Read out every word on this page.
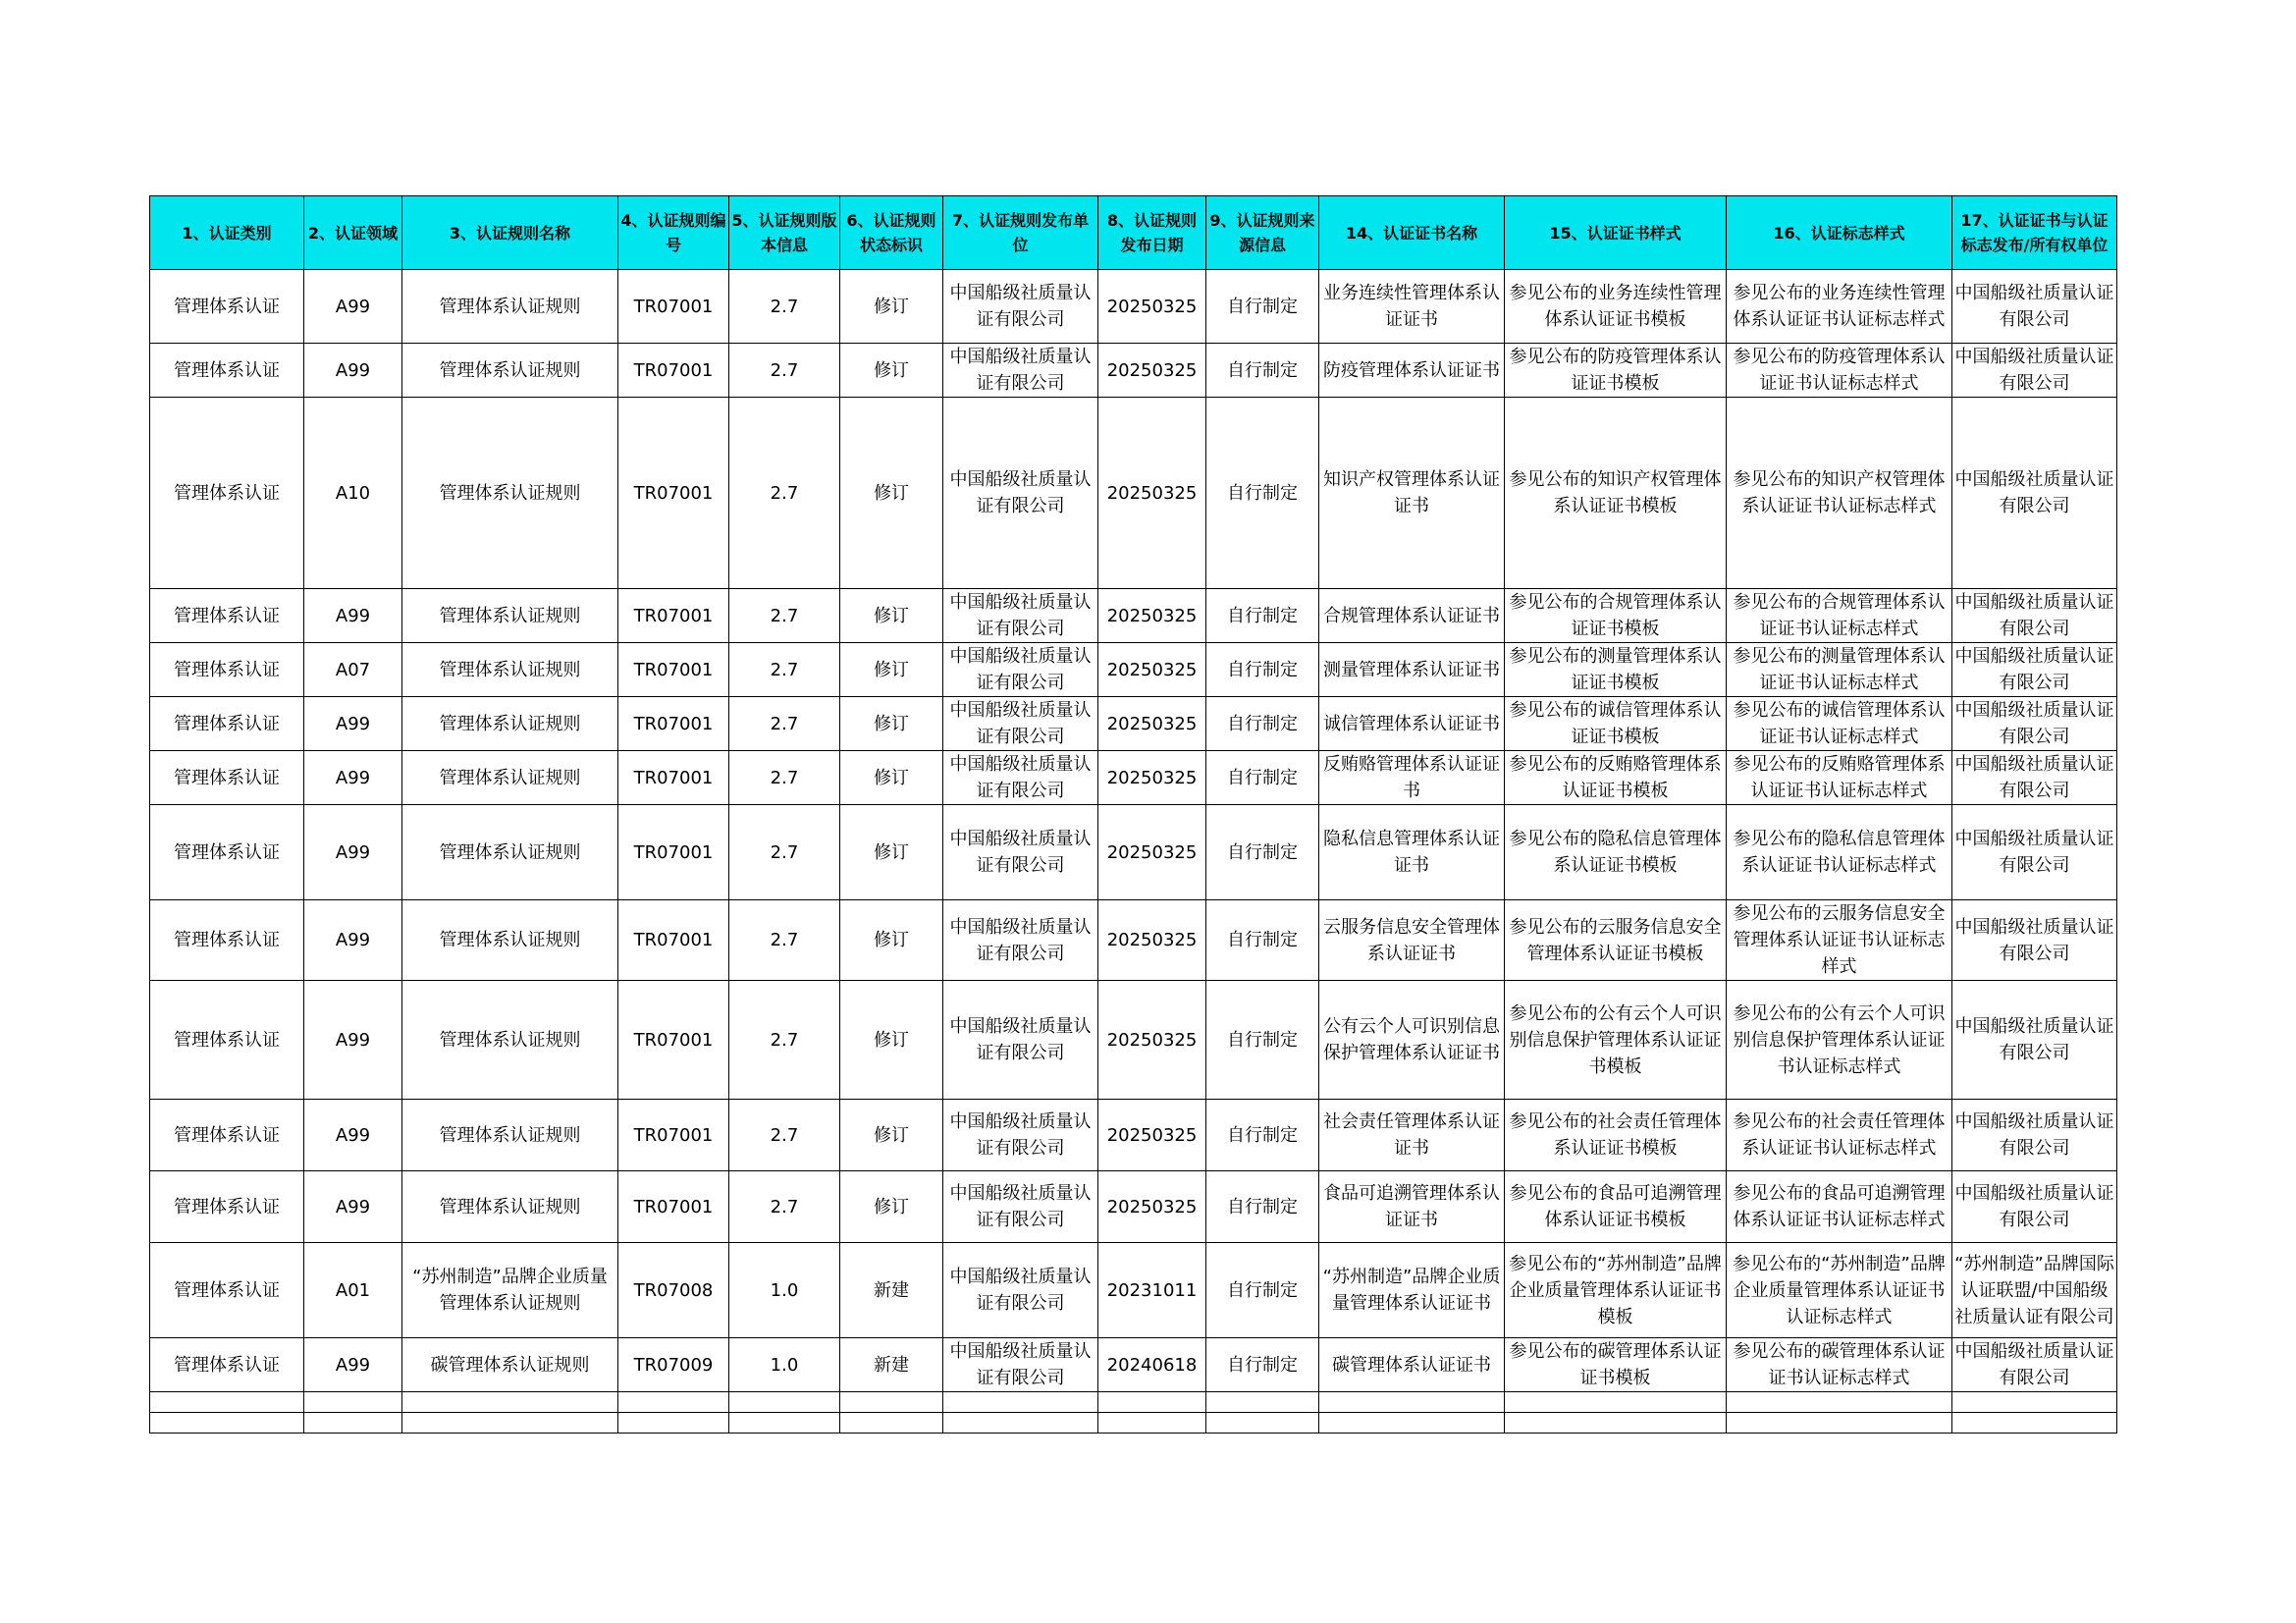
1、认证类别	2、认证领域	3、认证规则名称	4、认证规则编号	5、认证规则版本信息	6、认证规则状态标识	7、认证规则发布单位	8、认证规则发布日期	9、认证规则来源信息	14、认证证书名称	15、认证证书样式	16、认证标志样式	17、认证证书与认证标志发布/所有权单位
管理体系认证	A99	管理体系认证规则	TR07001	2.7	修订	中国船级社质量认证有限公司	20250325	自行制定	业务连续性管理体系认证证书	参见公布的业务连续性管理体系认证证书模板	参见公布的业务连续性管理体系认证证书认证标志样式	中国船级社质量认证有限公司
管理体系认证	A99	管理体系认证规则	TR07001	2.7	修订	中国船级社质量认证有限公司	20250325	自行制定	防疫管理体系认证证书	参见公布的防疫管理体系认证证书模板	参见公布的防疫管理体系认证证书认证标志样式	中国船级社质量认证有限公司
管理体系认证	A10	管理体系认证规则	TR07001	2.7	修订	中国船级社质量认证有限公司	20250325	自行制定	知识产权管理体系认证证书	参见公布的知识产权管理体系认证证书模板	参见公布的知识产权管理体系认证证书认证标志样式	中国船级社质量认证有限公司
管理体系认证	A99	管理体系认证规则	TR07001	2.7	修订	中国船级社质量认证有限公司	20250325	自行制定	合规管理体系认证证书	参见公布的合规管理体系认证证书模板	参见公布的合规管理体系认证证书认证标志样式	中国船级社质量认证有限公司
管理体系认证	A07	管理体系认证规则	TR07001	2.7	修订	中国船级社质量认证有限公司	20250325	自行制定	测量管理体系认证证书	参见公布的测量管理体系认证证书模板	参见公布的测量管理体系认证证书认证标志样式	中国船级社质量认证有限公司
管理体系认证	A99	管理体系认证规则	TR07001	2.7	修订	中国船级社质量认证有限公司	20250325	自行制定	诚信管理体系认证证书	参见公布的诚信管理体系认证证书模板	参见公布的诚信管理体系认证证书认证标志样式	中国船级社质量认证有限公司
管理体系认证	A99	管理体系认证规则	TR07001	2.7	修订	中国船级社质量认证有限公司	20250325	自行制定	反贿赂管理体系认证证书	参见公布的反贿赂管理体系认证证书模板	参见公布的反贿赂管理体系认证证书认证标志样式	中国船级社质量认证有限公司
管理体系认证	A99	管理体系认证规则	TR07001	2.7	修订	中国船级社质量认证有限公司	20250325	自行制定	隐私信息管理体系认证证书	参见公布的隐私信息管理体系认证证书模板	参见公布的隐私信息管理体系认证证书认证标志样式	中国船级社质量认证有限公司
管理体系认证	A99	管理体系认证规则	TR07001	2.7	修订	中国船级社质量认证有限公司	20250325	自行制定	云服务信息安全管理体系认证证书	参见公布的云服务信息安全管理体系认证证书模板	参见公布的云服务信息安全管理体系认证证书认证标志样式	中国船级社质量认证有限公司
管理体系认证	A99	管理体系认证规则	TR07001	2.7	修订	中国船级社质量认证有限公司	20250325	自行制定	公有云个人可识别信息保护管理体系认证证书	参见公布的公有云个人可识别信息保护管理体系认证证书模板	参见公布的公有云个人可识别信息保护管理体系认证证书认证标志样式	中国船级社质量认证有限公司
管理体系认证	A99	管理体系认证规则	TR07001	2.7	修订	中国船级社质量认证有限公司	20250325	自行制定	社会责任管理体系认证证书	参见公布的社会责任管理体系认证证书模板	参见公布的社会责任管理体系认证证书认证标志样式	中国船级社质量认证有限公司
管理体系认证	A99	管理体系认证规则	TR07001	2.7	修订	中国船级社质量认证有限公司	20250325	自行制定	食品可追溯管理体系认证证书	参见公布的食品可追溯管理体系认证证书模板	参见公布的食品可追溯管理体系认证证书认证标志样式	中国船级社质量认证有限公司
管理体系认证	A01	“苏州制造”品牌企业质量管理体系认证规则	TR07008	1.0	新建	中国船级社质量认证有限公司	20231011	自行制定	“苏州制造”品牌企业质量管理体系认证证书	参见公布的“苏州制造”品牌企业质量管理体系认证证书模板	参见公布的“苏州制造”品牌企业质量管理体系认证证书认证标志样式	“苏州制造”品牌国际认证联盟/中国船级社质量认证有限公司
管理体系认证	A99	碳管理体系认证规则	TR07009	1.0	新建	中国船级社质量认证有限公司	20240618	自行制定	碳管理体系认证证书	参见公布的碳管理体系认证证书模板	参见公布的碳管理体系认证证书认证标志样式	中国船级社质量认证有限公司
